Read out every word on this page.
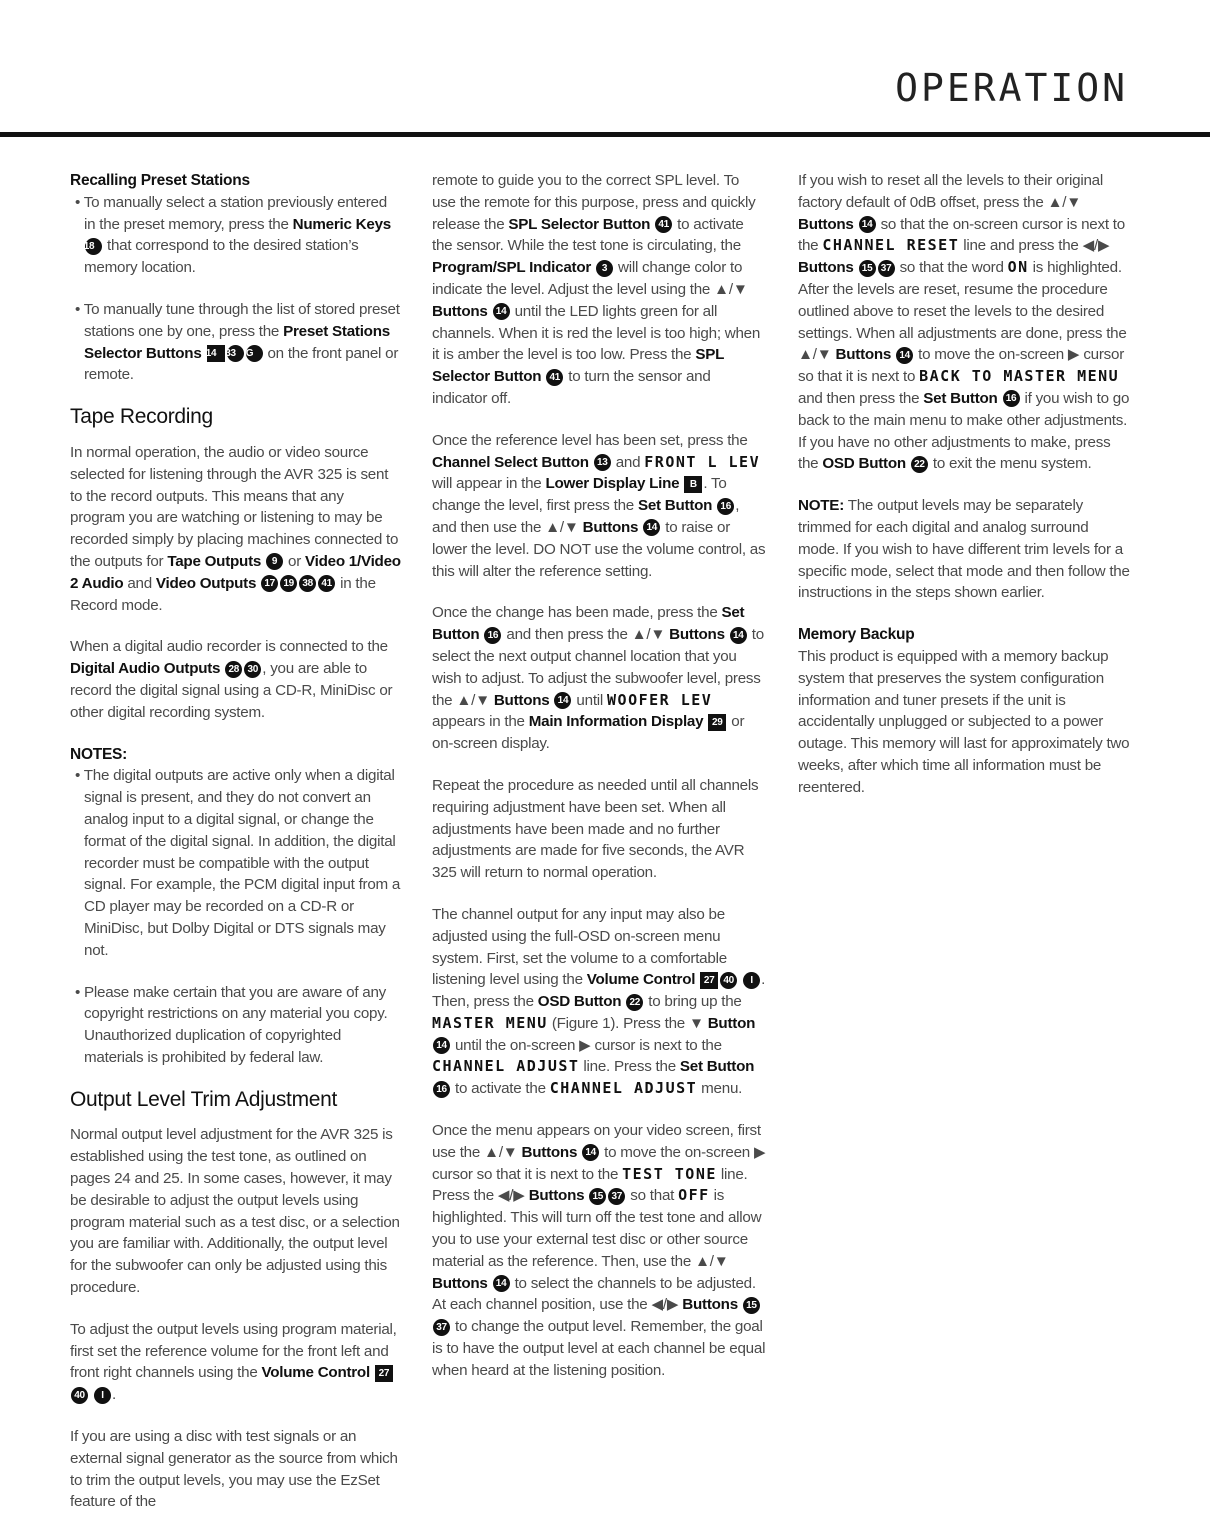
OPERATION
Recalling Preset Stations

• To manually select a station previously entered in the preset memory, press the Numeric Keys 18 that correspond to the desired station’s memory location.

• To manually tune through the list of stored preset stations one by one, press the Preset Stations Selector Buttons 14 33 G on the front panel or remote.

Tape Recording

In normal operation, the audio or video source selected for listening through the AVR 325 is sent to the record outputs. This means that any program you are watching or listening to may be recorded simply by placing machines connected to the outputs for Tape Outputs 9 or Video 1/Video 2 Audio and Video Outputs 17 19 38 41 in the Record mode.

When a digital audio recorder is connected to the Digital Audio Outputs 28 30 , you are able to record the digital signal using a CD-R, MiniDisc or other digital recording system.

NOTES:

• The digital outputs are active only when a digital signal is present, and they do not convert an analog input to a digital signal, or change the format of the digital signal. In addition, the digital recorder must be compatible with the output signal. For example, the PCM digital input from a CD player may be recorded on a CD-R or MiniDisc, but Dolby Digital or DTS signals may not.

• Please make certain that you are aware of any copyright restrictions on any material you copy. Unauthorized duplication of copyrighted materials is prohibited by federal law.

Output Level Trim Adjustment

Normal output level adjustment for the AVR 325 is established using the test tone, as outlined on pages 24 and 25. In some cases, however, it may be desirable to adjust the output levels using program material such as a test disc, or a selection you are familiar with. Additionally, the output level for the subwoofer can only be adjusted using this procedure.

To adjust the output levels using program material, first set the reference volume for the front left and front right channels using the Volume Control 2740 I .

If you are using a disc with test signals or an external signal generator as the source from which to trim the output levels, you may use the EzSet feature of the

remote to guide you to the correct SPL level. To use the remote for this purpose, press and quickly release the SPL Selector Button 41 to activate the sensor. While the test tone is circulating, the Program/SPL Indicator 3 will change color to indicate the level. Adjust the level using the ▲/▼ Buttons 14 until the LED lights green for all channels. When it is red the level is too high; when it is amber the level is too low. Press the SPL Selector Button 41 to turn the sensor and indicator off.

Once the reference level has been set, press the Channel Select Button 13 and FRONT L LEV will appear in the Lower Display Line B . To change the level, first press the Set Button 16 , and then use the ▲/▼ Buttons 14 to raise or lower the level. DO NOT use the volume control, as this will alter the reference setting.

Once the change has been made, press the Set Button 16 and then press the ▲/▼ Buttons 14 to select the next output channel location that you wish to adjust. To adjust the subwoofer level, press the ▲/▼ Buttons 14 until WOOFER LEV appears in the Main Information Display 29 or on-screen display.

Repeat the procedure as needed until all channels requiring adjustment have been set. When all adjustments have been made and no further adjustments are made for five seconds, the AVR 325 will return to normal operation.

The channel output for any input may also be adjusted using the full-OSD on-screen menu system. First, set the volume to a comfortable listening level using the Volume Control 27 40 I . Then, press the OSD Button 22 to bring up the MASTER MENU (Figure 1). Press the ▼ Button 14 until the on-screen ▶ cursor is next to the CHANNEL ADJUST line. Press the Set Button 16 to activate the CHANNEL ADJUST menu.

Once the menu appears on your video screen, first use the ▲/▼ Buttons 14 to move the on-screen ▶ cursor so that it is next to the TEST TONE line. Press the ◀/▶ Buttons 15 37 so that OFF is highlighted. This will turn off the test tone and allow you to use your external test disc or other source material as the reference. Then, use the ▲/▼ Buttons 14 to select the channels to be adjusted. At each channel position, use the ◀/▶ Buttons 1537 to change the output level. Remember, the goal is to have the output level at each channel be equal when heard at the listening position.

If you wish to reset all the levels to their original factory default of 0dB offset, press the ▲/▼ Buttons 14 so that the on-screen cursor is next to the CHANNEL RESET line and press the ◀/▶ Buttons 15 37 so that the word ON is highlighted. After the levels are reset, resume the procedure outlined above to reset the levels to the desired settings. When all adjustments are done, press the ▲/▼ Buttons 14 to move the on-screen ▶ cursor so that it is next to BACK TO MASTER MENU and then press the Set Button 16 if you wish to go back to the main menu to make other adjustments. If you have no other adjustments to make, press the OSD Button 22 to exit the menu system.

NOTE: The output levels may be separately trimmed for each digital and analog surround mode. If you wish to have different trim levels for a specific mode, select that mode and then follow the instructions in the steps shown earlier.

Memory Backup

This product is equipped with a memory backup system that preserves the system configuration information and tuner presets if the unit is accidentally unplugged or subjected to a power outage. This memory will last for approximately two weeks, after which time all information must be reentered.
